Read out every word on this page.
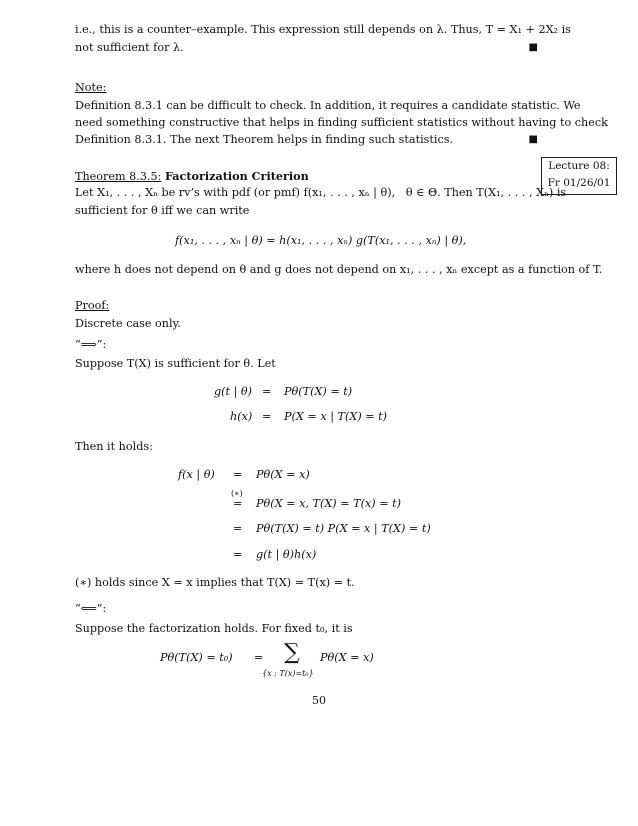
i.e., this is a counter–example. This expression still depends on λ. Thus, T = X₁ + 2X₂ is
not sufficient for λ.	■
Note:
Definition 8.3.1 can be difficult to check. In addition, it requires a candidate statistic. We
need something constructive that helps in finding sufficient statistics without having to check
Definition 8.3.1. The next Theorem helps in finding such statistics.	■
Lecture 08:
Fr 01/26/01
Theorem 8.3.5: Factorization Criterion
Let X₁, . . . , Xₙ be rv’s with pdf (or pmf) f(x₁, . . . , xₙ | θ),   θ ∈ Θ. Then T(X₁, . . . , Xₙ) is
sufficient for θ iff we can write
f(x₁, . . . , xₙ | θ) = h(x₁, . . . , xₙ) g(T(x₁, . . . , xₙ) | θ),
where h does not depend on θ and g does not depend on x₁, . . . , xₙ except as a function of T.
Proof:
Discrete case only.
“⟹”:
Suppose T(X) is sufficient for θ. Let
g(t | θ) = Pθ(T(X) = t)
h(x) = P(X = x | T(X) = t)
Then it holds:
f(x | θ) = Pθ(X = x)
(∗)
= Pθ(X = x, T(X) = T(x) = t)
= Pθ(T(X) = t) P(X = x | T(X) = t)
= g(t | θ)h(x)
(∗) holds since X = x implies that T(X) = T(x) = t.
“⟸”:
Suppose the factorization holds. For fixed t₀, it is
Pθ(T(X) = t₀) = ∑
{x : T(x)=t₀}
Pθ(X = x)
50
